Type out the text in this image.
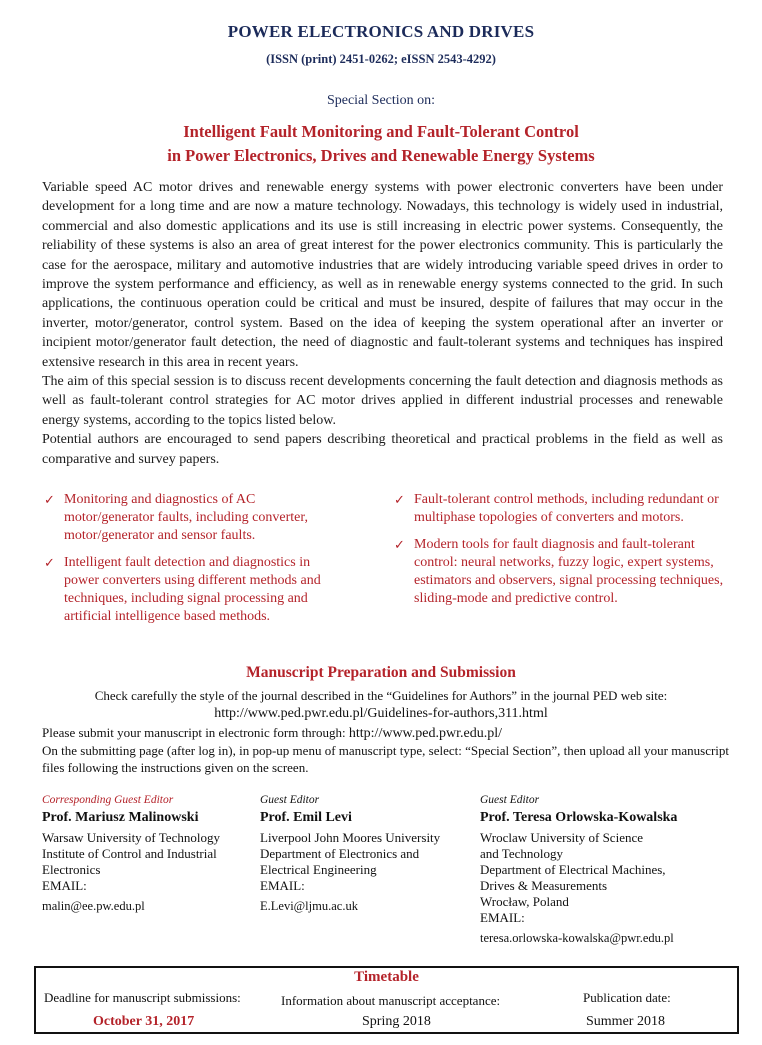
POWER ELECTRONICS AND DRIVES
(ISSN (print) 2451-0262; eISSN 2543-4292)
Special Section on:
Intelligent Fault Monitoring and Fault-Tolerant Control
in Power Electronics, Drives and Renewable Energy Systems

Variable speed AC motor drives and renewable energy systems with power electronic converters have been under development for a long time and are now a mature technology. Nowadays, this technology is widely used in industrial, commercial and also domestic applications and its use is still increasing in electric power systems. Consequently, the reliability of these systems is also an area of great interest for the power electronics community. This is particularly the case for the aerospace, military and automotive industries that are widely introducing variable speed drives in order to improve the system performance and efficiency, as well as in renewable energy systems connected to the grid. In such applications, the continuous operation could be critical and must be insured, despite of failures that may occur in the inverter, motor/generator, control system. Based on the idea of keeping the system operational after an inverter or incipient motor/generator fault detection, the need of diagnostic and fault-tolerant systems and techniques has inspired extensive research in this area in recent years.

The aim of this special session is to discuss recent developments concerning the fault detection and diagnosis methods as well as fault-tolerant control strategies for AC motor drives applied in different industrial processes and renewable energy systems, according to the topics listed below.

Potential authors are encouraged to send papers describing theoretical and practical problems in the field as well as comparative and survey papers.

✓ Monitoring and diagnostics of AC motor/generator faults, including converter, motor/generator and sensor faults.
✓ Intelligent fault detection and diagnostics in power converters using different methods and techniques, including signal processing and artificial intelligence based methods.
✓ Fault-tolerant control methods, including redundant or multiphase topologies of converters and motors.
✓ Modern tools for fault diagnosis and fault-tolerant control: neural networks, fuzzy logic, expert systems, estimators and observers, signal processing techniques, sliding-mode and predictive control.
Manuscript Preparation and Submission
Check carefully the style of the journal described in the “Guidelines for Authors” in the journal PED web site:
http://www.ped.pwr.edu.pl/Guidelines-for-authors,311.html
Please submit your manuscript in electronic form through: http://www.ped.pwr.edu.pl/
On the submitting page (after log in), in pop-up menu of manuscript type, select: “Special Section”, then upload all your manuscript files following the instructions given on the screen.
Corresponding Guest Editor
Prof. Mariusz Malinowski
Warsaw University of Technology
Institute of Control and Industrial
Electronics
EMAIL:
malin@ee.pw.edu.pl
Guest Editor
Prof. Emil Levi
Liverpool John Moores University
Department of Electronics and
Electrical Engineering
EMAIL:
E.Levi@ljmu.ac.uk
Guest Editor
Prof. Teresa Orlowska-Kowalska
Wroclaw University of Science
and Technology
Department of Electrical Machines,
Drives & Measurements
Wrocław, Poland
EMAIL:
teresa.orlowska-kowalska@pwr.edu.pl
Timetable
Deadline for manuscript submissions:	Information about manuscript acceptance:	Publication date:
October 31, 2017	Spring 2018	Summer 2018
